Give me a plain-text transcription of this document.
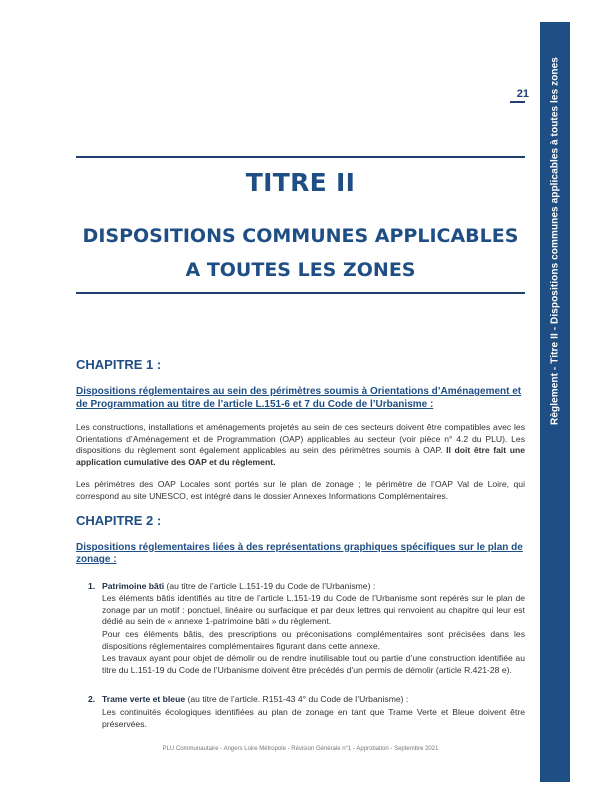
Règlement - Titre II - Dispositions communes applicables à toutes les zones
21
TITRE II
DISPOSITIONS COMMUNES APPLICABLES
A TOUTES LES ZONES
CHAPITRE 1 :
Dispositions réglementaires au sein des périmètres soumis à Orientations d’Aménagement et de Programmation au titre de l’article L.151-6 et 7 du Code de l’Urbanisme :

Les constructions, installations et aménagements projetés au sein de ces secteurs doivent être compatibles avec les Orientations d’Aménagement et de Programmation (OAP) applicables au secteur (voir pièce n° 4.2 du PLU). Les dispositions du règlement sont également applicables au sein des périmètres soumis à OAP. Il doit être fait une application cumulative des OAP et du règlement.

Les périmètres des OAP Locales sont portés sur le plan de zonage ; le périmètre de l’OAP Val de Loire, qui correspond au site UNESCO, est intégré dans le dossier Annexes Informations Complémentaires.

CHAPITRE 2 :
Dispositions réglementaires liées à des représentations graphiques spécifiques sur le plan de zonage :
1. Patrimoine bâti (au titre de l’article L.151-19 du Code de l’Urbanisme) :

Les éléments bâtis identifiés au titre de l’article L.151-19 du Code de l’Urbanisme sont repérés sur le plan de zonage par un motif : ponctuel, linéaire ou surfacique et par deux lettres qui renvoient au chapitre qui leur est dédié au sein de « annexe 1-patrimoine bâti » du règlement.

Pour ces éléments bâtis, des prescriptions ou préconisations complémentaires sont précisées dans les dispositions réglementaires complémentaires figurant dans cette annexe.

Les travaux ayant pour objet de démolir ou de rendre inutilisable tout ou partie d’une construction identifiée au titre du L.151-19 du Code de l’Urbanisme doivent être précédés d’un permis de démolir (article R.421-28 e).

2. Trame verte et bleue (au titre de l’article. R151-43 4° du Code de l’Urbanisme) :

Les continuités écologiques identifiées au plan de zonage en tant que Trame Verte et Bleue doivent être préservées.

PLU Communautaire - Angers Loire Métropole - Révision Générale n°1 - Approbation - Septembre 2021
